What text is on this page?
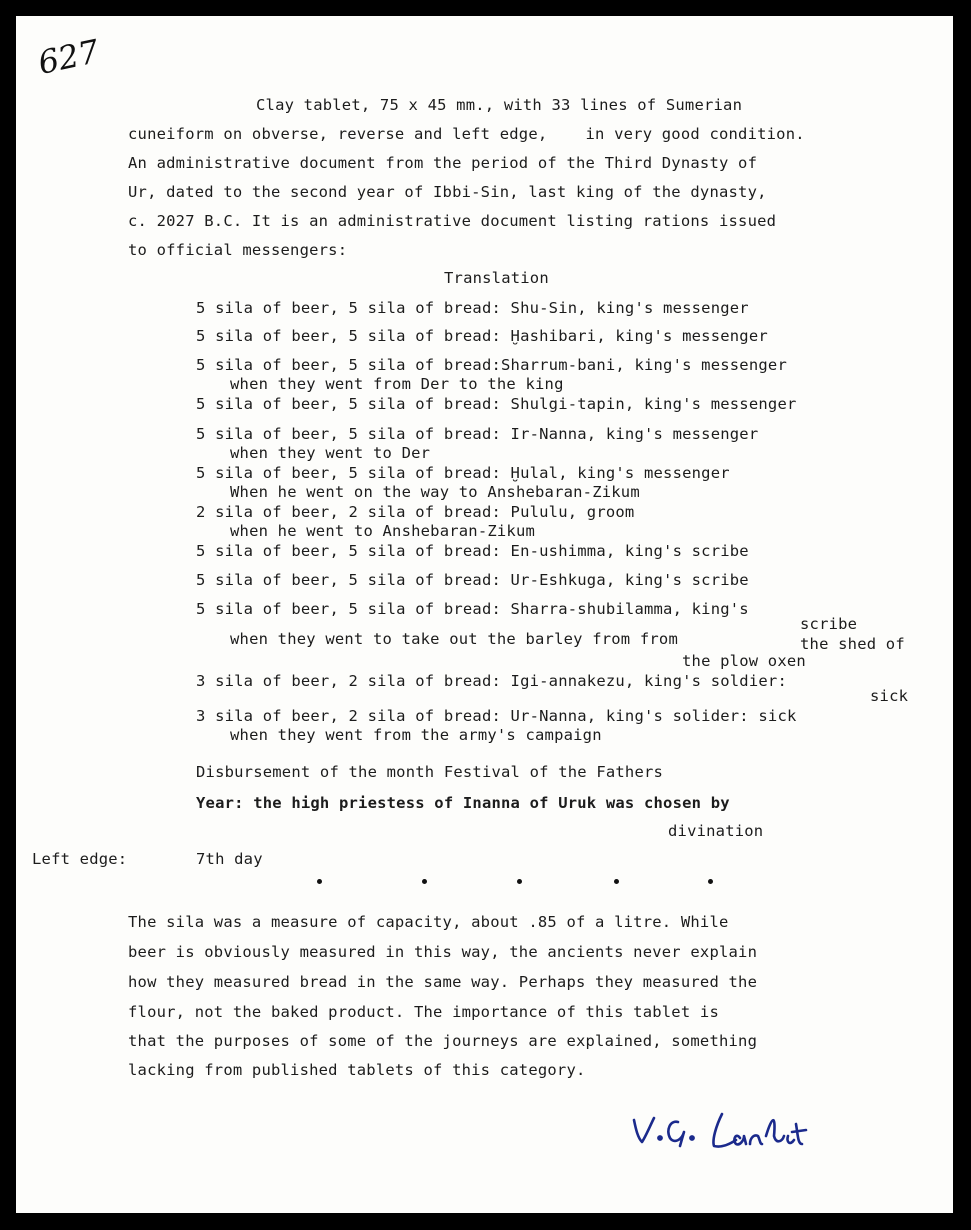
627
Clay tablet, 75 x 45 mm., with 33 lines of Sumerian
cuneiform on obverse, reverse and left edge,    in very good condition.
An administrative document from the period of the Third Dynasty of
Ur, dated to the second year of Ibbi-Sin, last king of the dynasty,
c. 2027 B.C. It is an administrative document listing rations issued
to official messengers:
Translation
5 sila of beer, 5 sila of bread: Shu-Sin, king's messenger
5 sila of beer, 5 sila of bread: Ḫashibari, king's messenger
5 sila of beer, 5 sila of bread:Sharrum-bani, king's messenger
when they went from Der to the king
5 sila of beer, 5 sila of bread: Shulgi-tapin, king's messenger
5 sila of beer, 5 sila of bread: Ir-Nanna, king's messenger
when they went to Der
5 sila of beer, 5 sila of bread: Ḫulal, king's messenger
When he went on the way to Anshebaran-Zikum
2 sila of beer, 2 sila of bread: Pululu, groom
when he went to Anshebaran-Zikum
5 sila of beer, 5 sila of bread: En-ushimma, king's scribe
5 sila of beer, 5 sila of bread: Ur-Eshkuga, king's scribe
5 sila of beer, 5 sila of bread: Sharra-shubilamma, king's
scribe
when they went to take out the barley from from	the shed of
the plow oxen
3 sila of beer, 2 sila of bread: Igi-annakezu, king's soldier:
sick
3 sila of beer, 2 sila of bread: Ur-Nanna, king's solider: sick
when they went from the army's campaign
Disbursement of the month Festival of the Fathers
Year: the high priestess of Inanna of Uruk was chosen by
divination
Left edge:	7th day
The sila was a measure of capacity, about .85 of a litre. While
beer is obviously measured in this way, the ancients never explain
how they measured bread in the same way. Perhaps they measured the
flour, not the baked product. The importance of this tablet is
that the purposes of some of the journeys are explained, something
lacking from published tablets of this category.
